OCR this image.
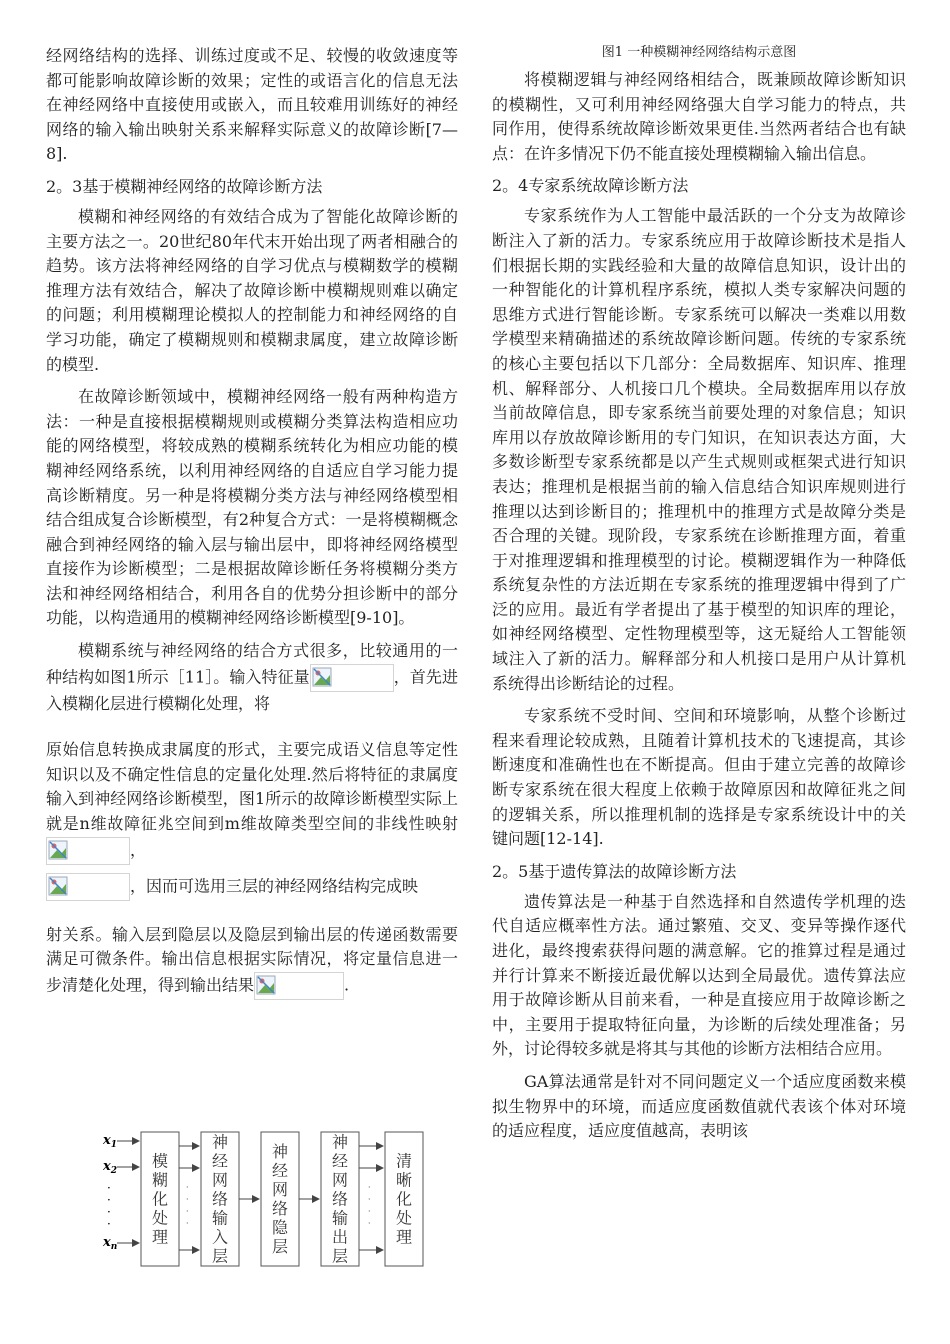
经网络结构的选择、训练过度或不足、较慢的收敛速度等都可能影响故障诊断的效果；定性的或语言化的信息无法在神经网络中直接使用或嵌入，而且较难用训练好的神经网络的输入输出映射关系来解释实际意义的故障诊断[7—8].

2。3基于模糊神经网络的故障诊断方法

模糊和神经网络的有效结合成为了智能化故障诊断的主要方法之一。20世纪80年代末开始出现了两者相融合的趋势。该方法将神经网络的自学习优点与模糊数学的模糊推理方法有效结合，解决了故障诊断中模糊规则难以确定的问题；利用模糊理论模拟人的控制能力和神经网络的自学习功能，确定了模糊规则和模糊隶属度，建立故障诊断的模型.

在故障诊断领域中，模糊神经网络一般有两种构造方法：一种是直接根据模糊规则或模糊分类算法构造相应功能的网络模型，将较成熟的模糊系统转化为相应功能的模糊神经网络系统，以利用神经网络的自适应自学习能力提高诊断精度。另一种是将模糊分类方法与神经网络模型相结合组成复合诊断模型，有2种复合方式：一是将模糊概念融合到神经网络的输入层与输出层中，即将神经网络模型直接作为诊断模型；二是根据故障诊断任务将模糊分类方法和神经网络相结合，利用各自的优势分担诊断中的部分功能，以构造通用的模糊神经网络诊断模型[9-10]。

模糊系统与神经网络的结合方式很多，比较通用的一种结构如图1所示［11］。输入特征量	，首先进入模糊化层进行模糊化处理，将

原始信息转换成隶属度的形式，主要完成语义信息等定性知识以及不确定性信息的定量化处理.然后将特征的隶属度输入到神经网络诊断模型，图1所示的故障诊断模型实际上就是n维故障征兆空间到m维故障类型空间的非线性映射
，

，因而可选用三层的神经网络结构完成映

射关系。输入层到隐层以及隐层到输出层的传递函数需要满足可微条件。输出信息根据实际情况，将定量信息进一步清楚化处理，得到输出结果	.

$x_1$
$x_2$
$x_n$
·
·
·
·
·
·
·
·
·
·
·
·
模糊化处理
神经网络输入层
神经网络隐层
神经网络输出层
清晰化处理
图1 一种模糊神经网络结构示意图

将模糊逻辑与神经网络相结合，既兼顾故障诊断知识的模糊性，又可利用神经网络强大自学习能力的特点，共同作用，使得系统故障诊断效果更佳.当然两者结合也有缺点：在许多情况下仍不能直接处理模糊输入输出信息。

2。4专家系统故障诊断方法

专家系统作为人工智能中最活跃的一个分支为故障诊断注入了新的活力。专家系统应用于故障诊断技术是指人们根据长期的实践经验和大量的故障信息知识，设计出的一种智能化的计算机程序系统，模拟人类专家解决问题的思维方式进行智能诊断。专家系统可以解决一类难以用数学模型来精确描述的系统故障诊断问题。传统的专家系统的核心主要包括以下几部分：全局数据库、知识库、推理机、解释部分、人机接口几个模块。全局数据库用以存放当前故障信息，即专家系统当前要处理的对象信息；知识库用以存放故障诊断用的专门知识，在知识表达方面，大多数诊断型专家系统都是以产生式规则或框架式进行知识表达；推理机是根据当前的输入信息结合知识库规则进行推理以达到诊断目的；推理机中的推理方式是故障分类是否合理的关键。现阶段，专家系统在诊断推理方面，着重于对推理逻辑和推理模型的讨论。模糊逻辑作为一种降低系统复杂性的方法近期在专家系统的推理逻辑中得到了广泛的应用。最近有学者提出了基于模型的知识库的理论，如神经网络模型、定性物理模型等，这无疑给人工智能领域注入了新的活力。解释部分和人机接口是用户从计算机系统得出诊断结论的过程。

专家系统不受时间、空间和环境影响，从整个诊断过程来看理论较成熟，且随着计算机技术的飞速提高，其诊断速度和准确性也在不断提高。但由于建立完善的故障诊断专家系统在很大程度上依赖于故障原因和故障征兆之间的逻辑关系，所以推理机制的选择是专家系统设计中的关键问题[12-14].

2。5基于遗传算法的故障诊断方法

遗传算法是一种基于自然选择和自然遗传学机理的迭代自适应概率性方法。通过繁殖、交叉、变异等操作逐代进化，最终搜索获得问题的满意解。它的推算过程是通过并行计算来不断接近最优解以达到全局最优。遗传算法应用于故障诊断从目前来看，一种是直接应用于故障诊断之中，主要用于提取特征向量，为诊断的后续处理准备；另外，讨论得较多就是将其与其他的诊断方法相结合应用。

GA算法通常是针对不同问题定义一个适应度函数来模拟生物界中的环境，而适应度函数值就代表该个体对环境的适应程度，适应度值越高，表明该
